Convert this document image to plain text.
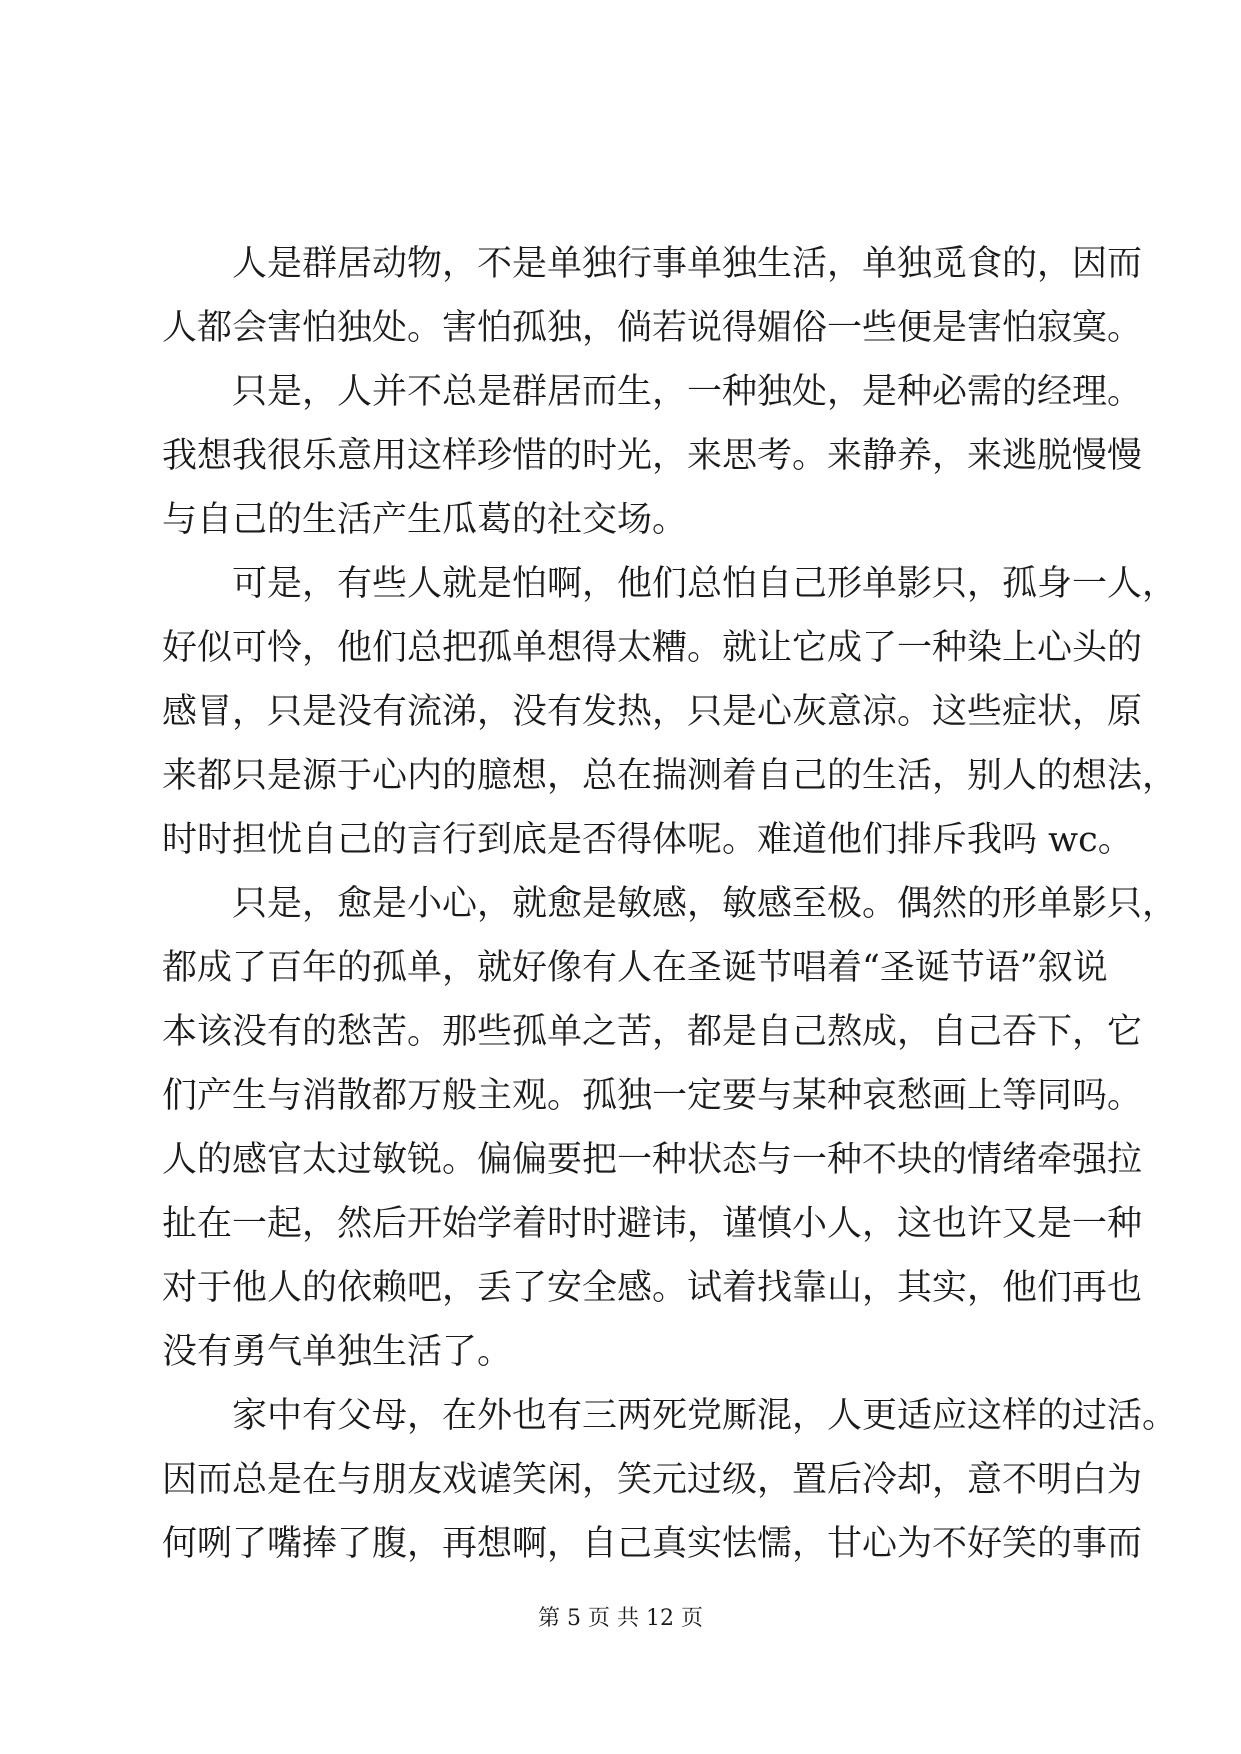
人是群居动物，不是单独行事单独生活，单独觅食的，因而
人都会害怕独处。害怕孤独，倘若说得媚俗一些便是害怕寂寞。
只是，人并不总是群居而生，一种独处，是种必需的经理。
我想我很乐意用这样珍惜的时光，来思考。来静养，来逃脱慢慢
与自己的生活产生瓜葛的社交场。
可是，有些人就是怕啊，他们总怕自己形单影只，孤身一人，
好似可怜，他们总把孤单想得太糟。就让它成了一种染上心头的
感冒，只是没有流涕，没有发热，只是心灰意凉。这些症状，原
来都只是源于心内的臆想，总在揣测着自己的生活，别人的想法，
时时担忧自己的言行到底是否得体呢。难道他们排斥我吗 wc。
只是，愈是小心，就愈是敏感，敏感至极。偶然的形单影只，
都成了百年的孤单，就好像有人在圣诞节唱着“圣诞节语”叙说
本该没有的愁苦。那些孤单之苦，都是自己熬成，自己吞下，它
们产生与消散都万般主观。孤独一定要与某种哀愁画上等同吗。
人的感官太过敏锐。偏偏要把一种状态与一种不块的情绪牵强拉
扯在一起，然后开始学着时时避讳，谨慎小人，这也许又是一种
对于他人的依赖吧，丢了安全感。试着找靠山，其实，他们再也
没有勇气单独生活了。
家中有父母，在外也有三两死党厮混，人更适应这样的过活。
因而总是在与朋友戏谑笑闲，笑元过级，置后冷却，意不明白为
何咧了嘴捧了腹，再想啊，自己真实怯懦，甘心为不好笑的事而
第 5 页 共 12 页
